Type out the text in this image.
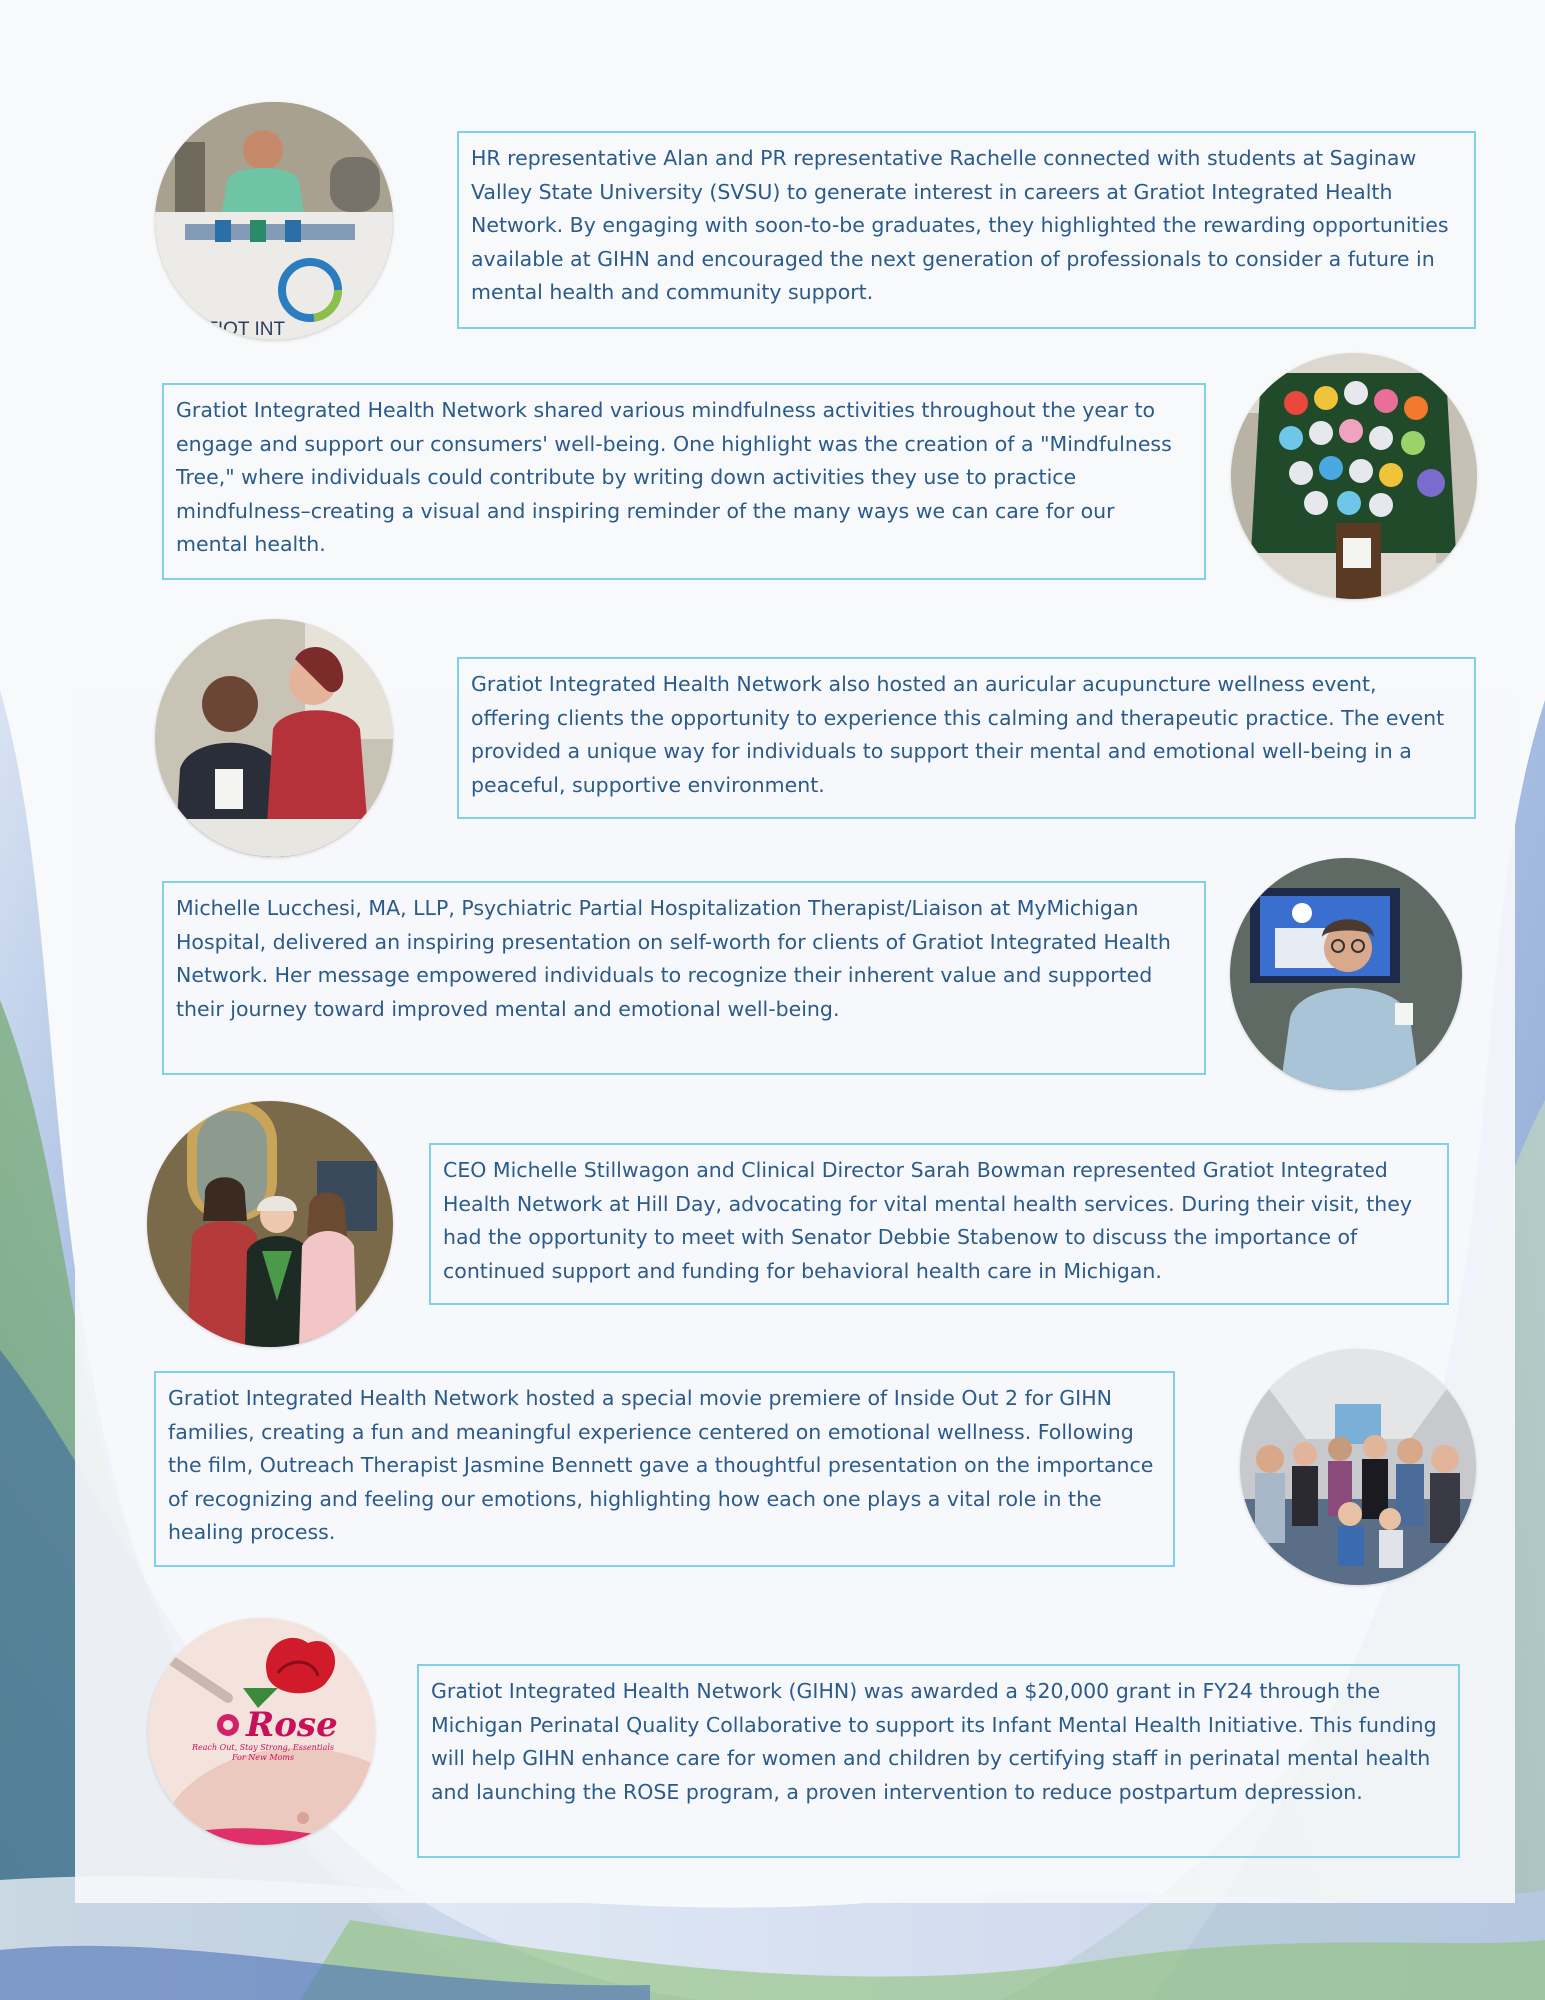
ATIOT INT
HR representative Alan and PR representative Rachelle connected with students at Saginaw Valley State University (SVSU) to generate interest in careers at Gratiot Integrated Health Network. By engaging with soon-to-be graduates, they highlighted the rewarding opportunities available at GIHN and encouraged the next generation of professionals to consider a future in mental health and community support.
Gratiot Integrated Health Network shared various mindfulness activities throughout the year to engage and support our consumers' well-being. One highlight was the creation of a "Mindfulness Tree," where individuals could contribute by writing down activities they use to practice mindfulness–creating a visual and inspiring reminder of the many ways we can care for our mental health.
Gratiot Integrated Health Network also hosted an auricular acupuncture wellness event, offering clients the opportunity to experience this calming and therapeutic practice. The event provided a unique way for individuals to support their mental and emotional well-being in a peaceful, supportive environment.
Michelle Lucchesi, MA, LLP, Psychiatric Partial Hospitalization Therapist/Liaison at MyMichigan Hospital, delivered an inspiring presentation on self-worth for clients of Gratiot Integrated Health Network. Her message empowered individuals to recognize their inherent value and supported their journey toward improved mental and emotional well-being.
CEO Michelle Stillwagon and Clinical Director Sarah Bowman represented Gratiot Integrated Health Network at Hill Day, advocating for vital mental health services. During their visit, they had the opportunity to meet with Senator Debbie Stabenow to discuss the importance of continued support and funding for behavioral health care in Michigan.
Gratiot Integrated Health Network hosted a special movie premiere of Inside Out 2 for GIHN families, creating a fun and meaningful experience centered on emotional wellness. Following the film, Outreach Therapist Jasmine Bennett gave a thoughtful presentation on the importance of recognizing and feeling our emotions, highlighting how each one plays a vital role in the healing process.
Rose
Reach Out, Stay Strong, Essentials
For New Moms
Gratiot Integrated Health Network (GIHN) was awarded a $20,000 grant in FY24 through the Michigan Perinatal Quality Collaborative to support its Infant Mental Health Initiative. This funding will help GIHN enhance care for women and children by certifying staff in perinatal mental health and launching the ROSE program, a proven intervention to reduce postpartum depression.
